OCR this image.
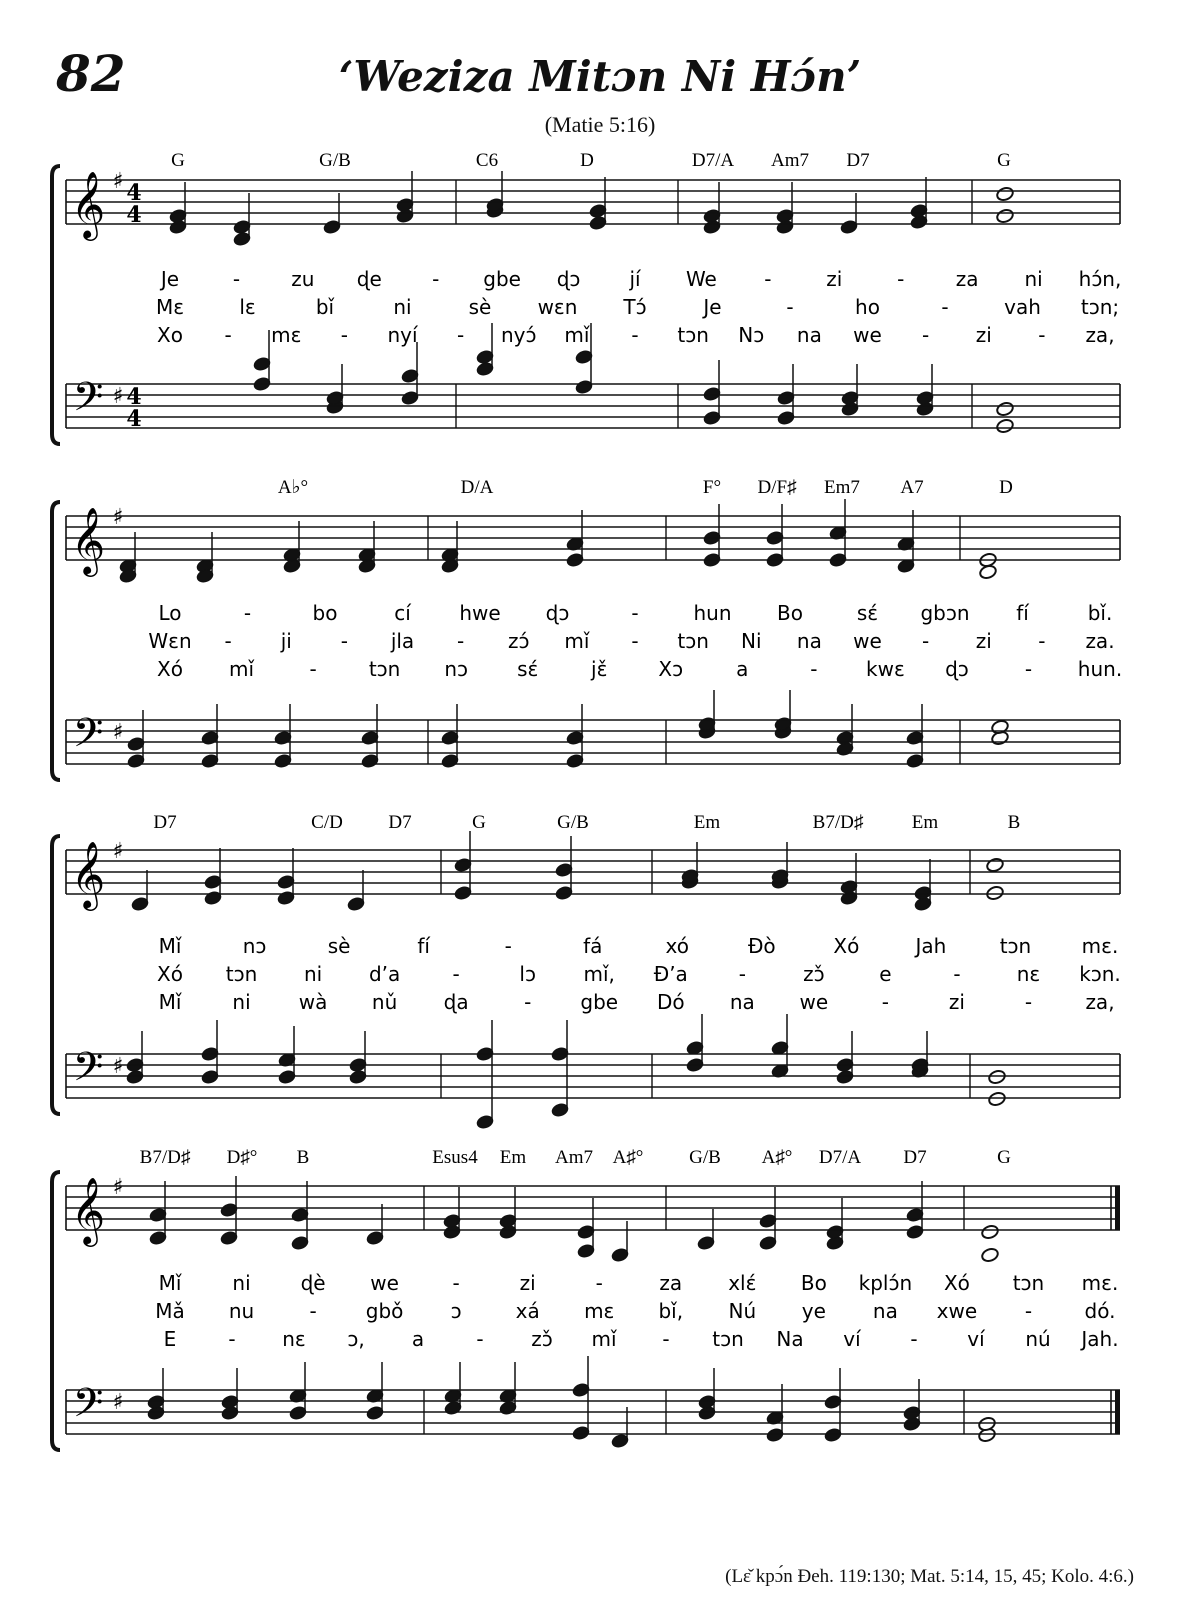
82	‘Weziza Mitɔn Ni Hɔ́n’
(Matie 5:16)
𝄞
𝄢
♯
♯
4
4
4
4
G	G/B	C6	D	D7/A Am7 D7	G
Je	-	zu ɖe	- gbe ɖɔ jí We -	zi	-	za ni hɔ́n,
Mɛ	lɛ	bǐ	ni	sè wɛn Tɔ́	Je	-	ho	-	vah tɔn;
Xo - mɛ - nyí - nyɔ́ mǐ - tɔn Nɔ na we - zi - za,
𝄞
𝄢
♯
♯
A♭°	D/A	F° D/F♯ Em7 A7	D
Lo	-	bo	cí hwe ɖɔ	-	hun Bo	sɛ́ gbɔn fí	bǐ.
Wɛn - ji - jla - zɔ́ mǐ - tɔn Ni na we - zi - za.
Xó mǐ	-	tɔn nɔ sɛ́	jɛ̌	Xɔ	a	- kwɛ ɖɔ	- hun.
𝄞
𝄢
♯
♯
D7	C/D D7	G	G/B	Em	B7/D♯	Em	B
Mǐ	nɔ	sè	fí	-	fá	xó	Ɖò	Xó	Jah	tɔn	mɛ.
Xó tɔn ni d’a	-	lɔ mǐ, Ɖ’a	-	zɔ̌	e	-	nɛ kɔn.
Mǐ	ni wà nǔ ɖa	- gbe Dó na we	-	zi	-	za,
𝄞
𝄢
♯
♯
B7/D♯ D♯° B	Esus4 Em Am7 A♯° G/B A♯° D7/A D7	G
Mǐ	ni ɖè we	-	zi	-	za xlɛ́ Bo kplɔ́n Xó tɔn mɛ.
Mǎ nu	- gbǒ ɔ	xá mɛ bǐ, Nú ye na xwe -	dó.
E	- nɛ ɔ, a	- zɔ̌ mǐ - tɔn Na ví - ví nú Jah.
(Lɛ̌ kpɔ́n Ɖeh. 119:130; Mat. 5:14, 15, 45; Kolo. 4:6.)
